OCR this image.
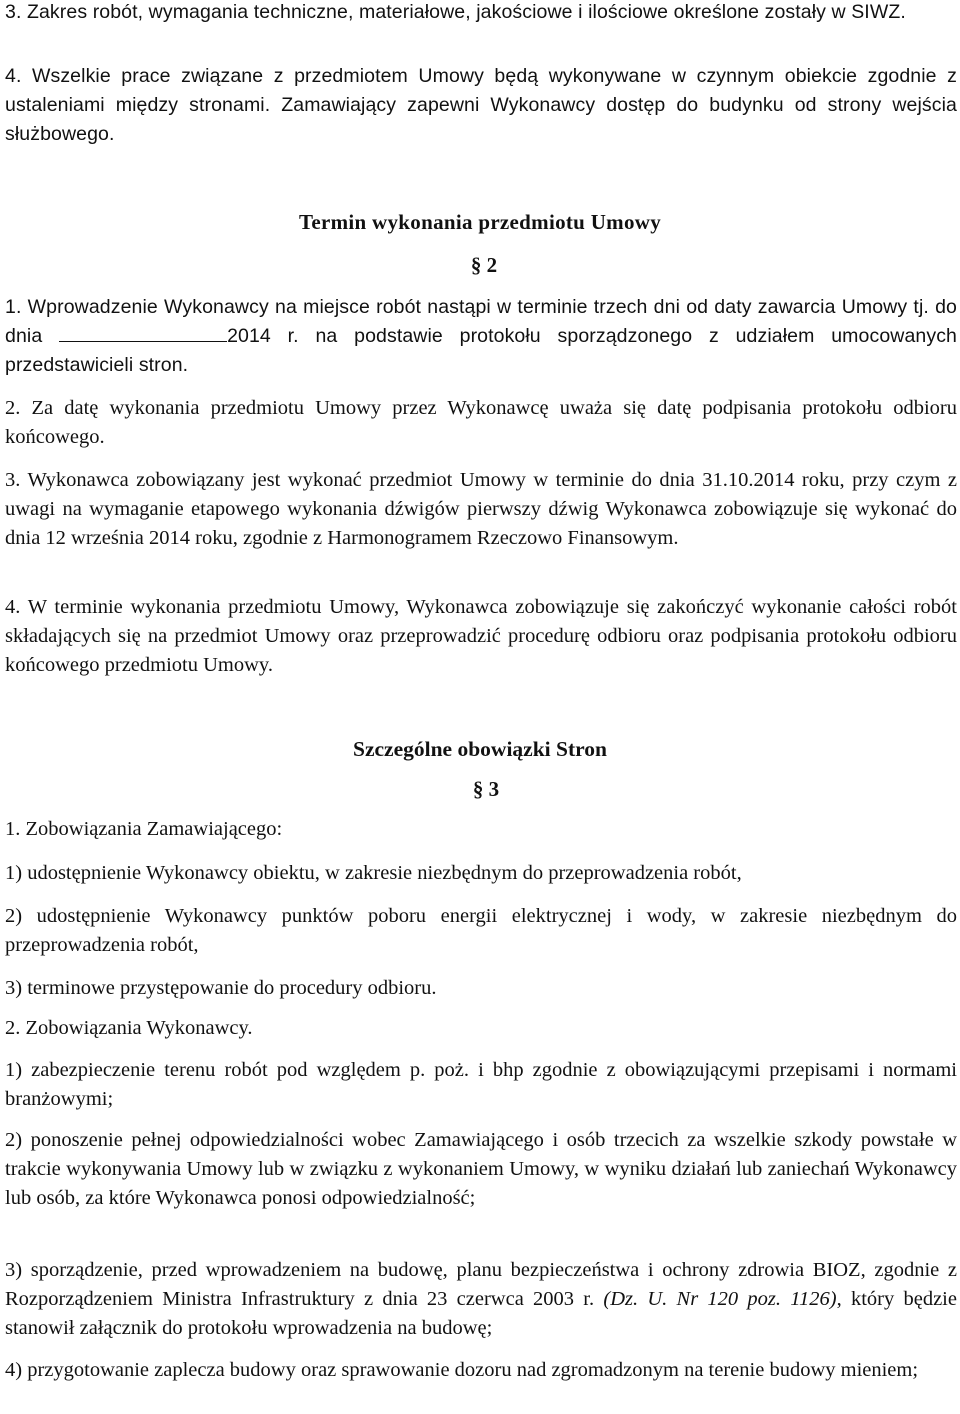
3. Zakres robót, wymagania techniczne, materiałowe, jakościowe i ilościowe określone zostały w SIWZ.

4. Wszelkie prace związane z przedmiotem Umowy będą wykonywane w czynnym obiekcie zgodnie z ustaleniami między stronami. Zamawiający zapewni Wykonawcy dostęp do budynku od strony wejścia służbowego.

Termin wykonania przedmiotu Umowy
§ 2

1. Wprowadzenie Wykonawcy na miejsce robót nastąpi w terminie trzech dni od daty zawarcia Umowy tj. do dnia	2014 r. na podstawie protokołu sporządzonego z udziałem umocowanych przedstawicieli stron.

2. Za datę wykonania przedmiotu Umowy przez Wykonawcę uważa się datę podpisania protokołu odbioru końcowego.

3. Wykonawca zobowiązany jest wykonać przedmiot Umowy w terminie do dnia 31.10.2014 roku, przy czym z uwagi na wymaganie etapowego wykonania dźwigów pierwszy dźwig Wykonawca zobowiązuje się wykonać do dnia 12 września 2014 roku, zgodnie z Harmonogramem Rzeczowo Finansowym.

4. W terminie wykonania przedmiotu Umowy, Wykonawca zobowiązuje się zakończyć wykonanie całości robót składających się na przedmiot Umowy oraz przeprowadzić procedurę odbioru oraz podpisania protokołu odbioru końcowego przedmiotu Umowy.

Szczególne obowiązki Stron
§ 3

1. Zobowiązania Zamawiającego:

1) udostępnienie Wykonawcy obiektu, w zakresie niezbędnym do przeprowadzenia robót,

2) udostępnienie Wykonawcy punktów poboru energii elektrycznej i wody, w zakresie niezbędnym do przeprowadzenia robót,

3) terminowe przystępowanie do procedury odbioru.

2. Zobowiązania Wykonawcy.

1) zabezpieczenie terenu robót pod względem p. poż. i bhp zgodnie z obowiązującymi przepisami i normami branżowymi;

2) ponoszenie pełnej odpowiedzialności wobec Zamawiającego i osób trzecich za wszelkie szkody powstałe w trakcie wykonywania Umowy lub w związku z wykonaniem Umowy, w wyniku działań lub zaniechań Wykonawcy lub osób, za które Wykonawca ponosi odpowiedzialność;

3) sporządzenie, przed wprowadzeniem na budowę, planu bezpieczeństwa i ochrony zdrowia BIOZ, zgodnie z Rozporządzeniem Ministra Infrastruktury z dnia 23 czerwca 2003 r. (Dz. U. Nr 120 poz. 1126), który będzie stanowił załącznik do protokołu wprowadzenia na budowę;

4) przygotowanie zaplecza budowy oraz sprawowanie dozoru nad zgromadzonym na terenie budowy mieniem;
